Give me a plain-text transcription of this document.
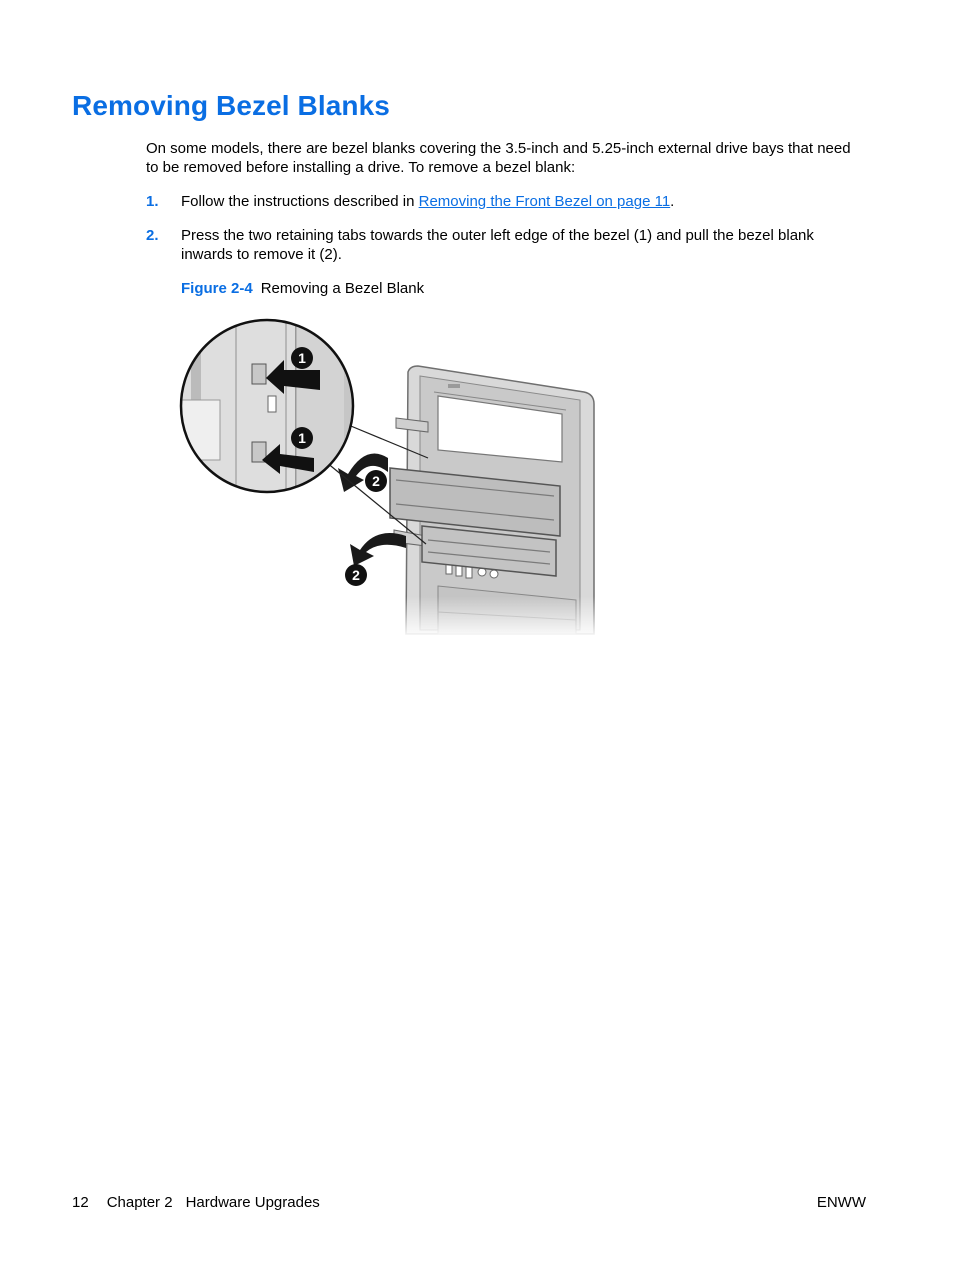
Removing Bezel Blanks

On some models, there are bezel blanks covering the 3.5-inch and 5.25-inch external drive bays that need to be removed before installing a drive. To remove a bezel blank:

1. Follow the instructions described in Removing the Front Bezel on page 11.
2. Press the two retaining tabs towards the outer left edge of the bezel (1) and pull the bezel blank inwards to remove it (2).
Figure 2-4 Removing a Bezel Blank
1
1
2
2
12 Chapter 2 Hardware Upgrades	ENWW
